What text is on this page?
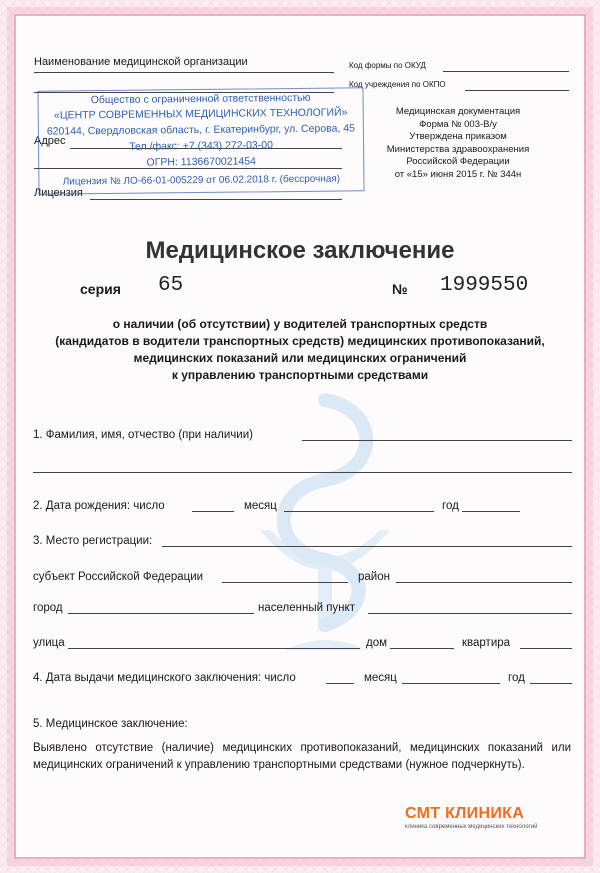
Наименование медицинской организации	Код формы по ОКУД
Код учреждения по ОКПО
Медицинская документация
Форма № 003-В/у
Утверждена приказом
Министерства здравоохранения
Российской Федерации
от «15» июня 2015 г. № 344н
Адрес
Лицензия
Общество с ограниченной ответственностью
«ЦЕНТР СОВРЕМЕННЫХ МЕДИЦИНСКИХ ТЕХНОЛОГИЙ»
620144, Свердловская область, г. Екатеринбург, ул. Серова, 45
Тел./факс: +7 (343) 272-03-00
ОГРН: 1136670021454
Лицензия № ЛО-66-01-005229 от 06.02.2018 г. (бессрочная)
Медицинское заключение
серия 65	№ 1999550
о наличии (об отсутствии) у водителей транспортных средств
(кандидатов в водители транспортных средств) медицинских противопоказаний,
медицинских показаний или медицинских ограничений
к управлению транспортными средствами
1. Фамилия, имя, отчество (при наличии)
2. Дата рождения: число	месяц	год
3. Место регистрации:
субъект Российской Федерации	район
город	населенный пункт
улица	дом	квартира
4. Дата выдачи медицинского заключения: число	месяц	год
5. Медицинское заключение:
Выявлено отсутствие (наличие) медицинских противопоказаний, медицинских показаний или медицинских ограничений к управлению транспортными средствами (нужное подчеркнуть).
СМТ КЛИНИКА
клиника современных медицинских технологий
